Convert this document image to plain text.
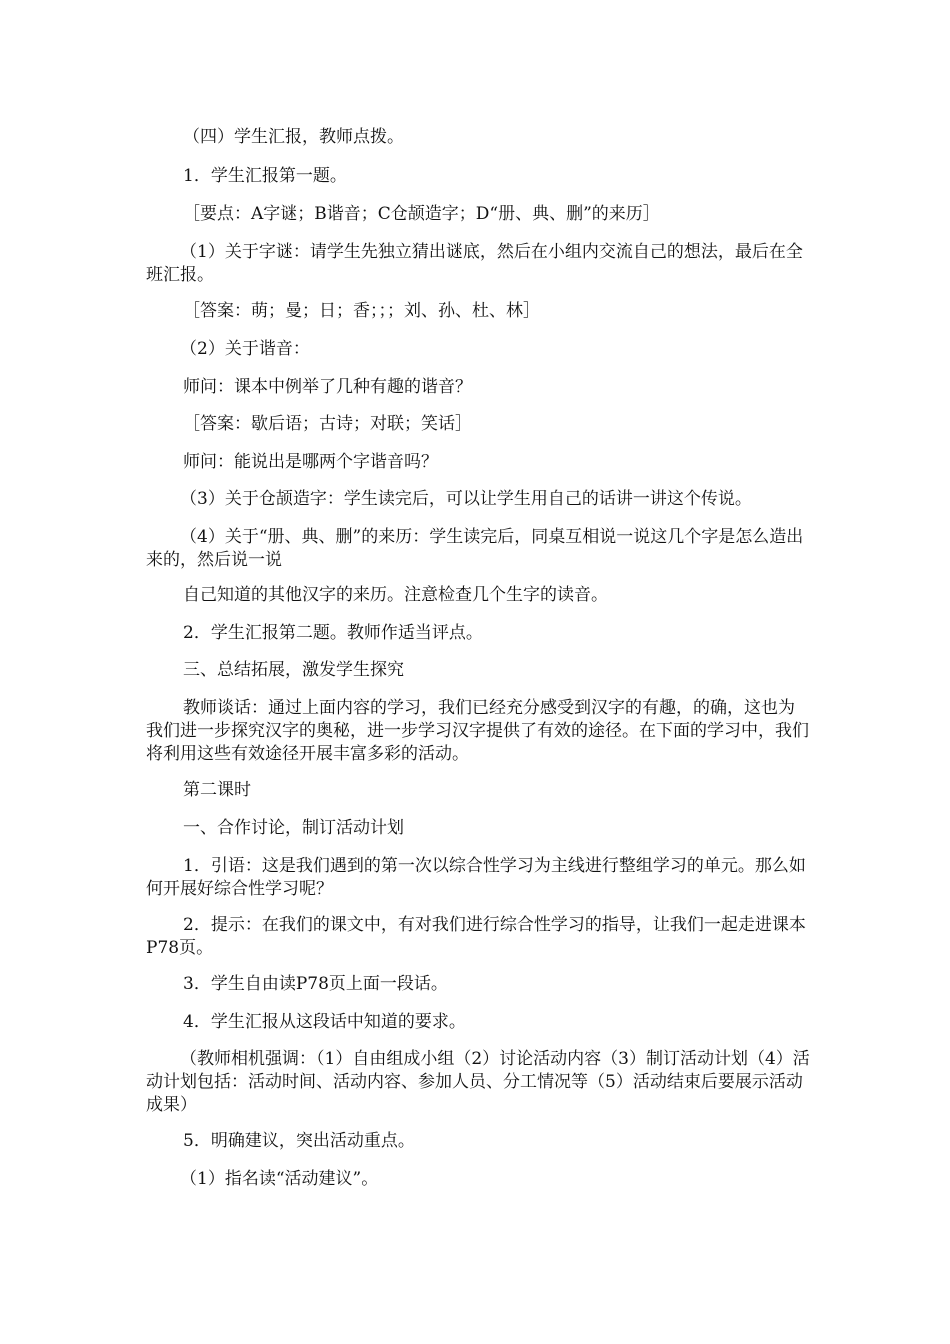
（四）学生汇报，教师点拨。

1．学生汇报第一题。

［要点：A字谜；B谐音；C仓颉造字；D“册、典、删”的来历］

（1）关于字谜：请学生先独立猜出谜底，然后在小组内交流自己的想法，最后在全班汇报。

［答案：萌；曼；日；香；；；刘、孙、杜、林］

（2）关于谐音：

师问：课本中例举了几种有趣的谐音？

［答案：歇后语；古诗；对联；笑话］

师问：能说出是哪两个字谐音吗？

（3）关于仓颉造字：学生读完后，可以让学生用自己的话讲一讲这个传说。

（4）关于“册、典、删”的来历：学生读完后，同桌互相说一说这几个字是怎么造出来的，然后说一说

自己知道的其他汉字的来历。注意检查几个生字的读音。

2．学生汇报第二题。教师作适当评点。

三、总结拓展，激发学生探究

教师谈话：通过上面内容的学习，我们已经充分感受到汉字的有趣，的确，这也为我们进一步探究汉字的奥秘，进一步学习汉字提供了有效的途径。在下面的学习中，我们将利用这些有效途径开展丰富多彩的活动。

第二课时

一、合作讨论，制订活动计划

1．引语：这是我们遇到的第一次以综合性学习为主线进行整组学习的单元。那么如何开展好综合性学习呢？

2．提示：在我们的课文中，有对我们进行综合性学习的指导，让我们一起走进课本P78页。

3．学生自由读P78页上面一段话。

4．学生汇报从这段话中知道的要求。

（教师相机强调：（1）自由组成小组（2）讨论活动内容（3）制订活动计划（4）活动计划包括：活动时间、活动内容、参加人员、分工情况等（5）活动结束后要展示活动成果）

5．明确建议，突出活动重点。

（1）指名读“活动建议”。
